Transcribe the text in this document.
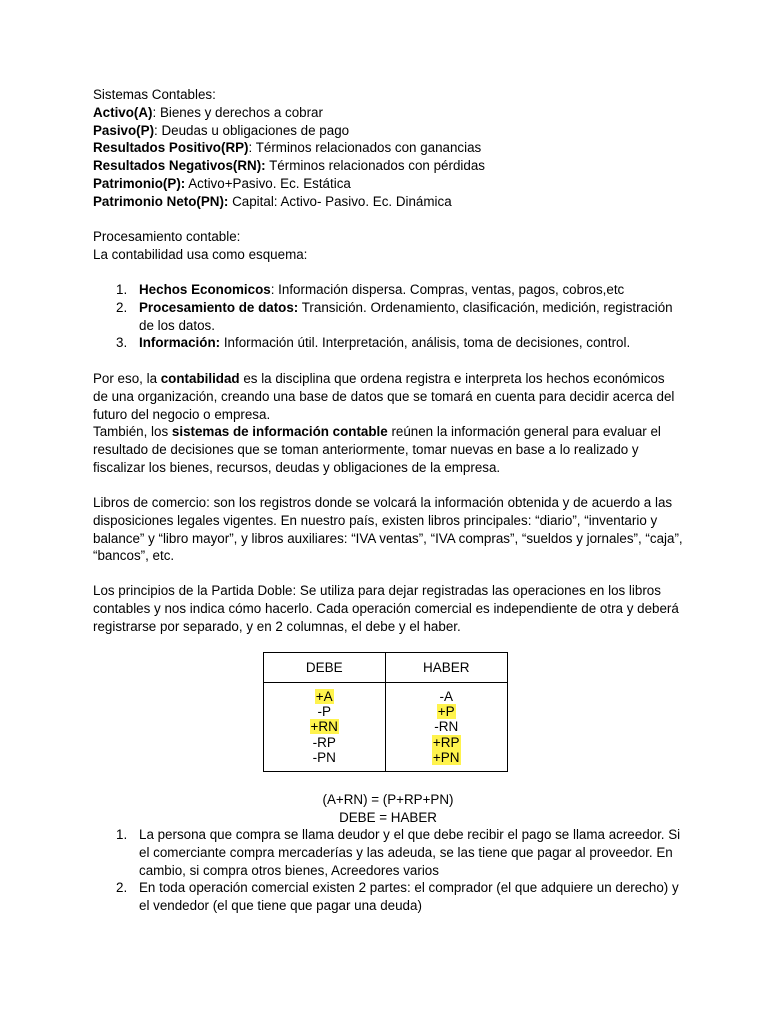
Sistemas Contables:

Activo(A): Bienes y derechos a cobrar

Pasivo(P): Deudas u obligaciones de pago

Resultados Positivo(RP): Términos relacionados con ganancias

Resultados Negativos(RN): Términos relacionados con pérdidas

Patrimonio(P): Activo+Pasivo. Ec. Estática

Patrimonio Neto(PN): Capital: Activo- Pasivo. Ec. Dinámica

Procesamiento contable:

La contabilidad usa como esquema:

1. Hechos Economicos: Información dispersa. Compras, ventas, pagos, cobros,etc
2. Procesamiento de datos: Transición. Ordenamiento, clasificación, medición, registración de los datos.
3. Información: Información útil. Interpretación, análisis, toma de decisiones, control.

Por eso, la contabilidad es la disciplina que ordena registra e interpreta los hechos económicos de una organización, creando una base de datos que se tomará en cuenta para decidir acerca del futuro del negocio o empresa.

También, los sistemas de información contable reúnen la información general para evaluar el resultado de decisiones que se toman anteriormente, tomar nuevas en base a lo realizado y fiscalizar los bienes, recursos, deudas y obligaciones de la empresa.

Libros de comercio: son los registros donde se volcará la información obtenida y de acuerdo a las disposiciones legales vigentes. En nuestro país, existen libros principales: “diario”, “inventario y balance” y “libro mayor”, y libros auxiliares: “IVA ventas”, “IVA compras”, “sueldos y jornales”, “caja”, “bancos”, etc.

Los principios de la Partida Doble: Se utiliza para dejar registradas las operaciones en los libros contables y nos indica cómo hacerlo. Cada operación comercial es independiente de otra y deberá registrarse por separado, y en 2 columnas, el debe y el haber.

DEBE	HABER
+A
-P
+RN
-RP
-PN
-A
+P
-RN
+RP
+PN
(A+RN) = (P+RP+PN)
DEBE = HABER
1. La persona que compra se llama deudor y el que debe recibir el pago se llama acreedor. Si el comerciante compra mercaderías y las adeuda, se las tiene que pagar al proveedor. En cambio, si compra otros bienes, Acreedores varios
2. En toda operación comercial existen 2 partes: el comprador (el que adquiere un derecho) y el vendedor (el que tiene que pagar una deuda)
